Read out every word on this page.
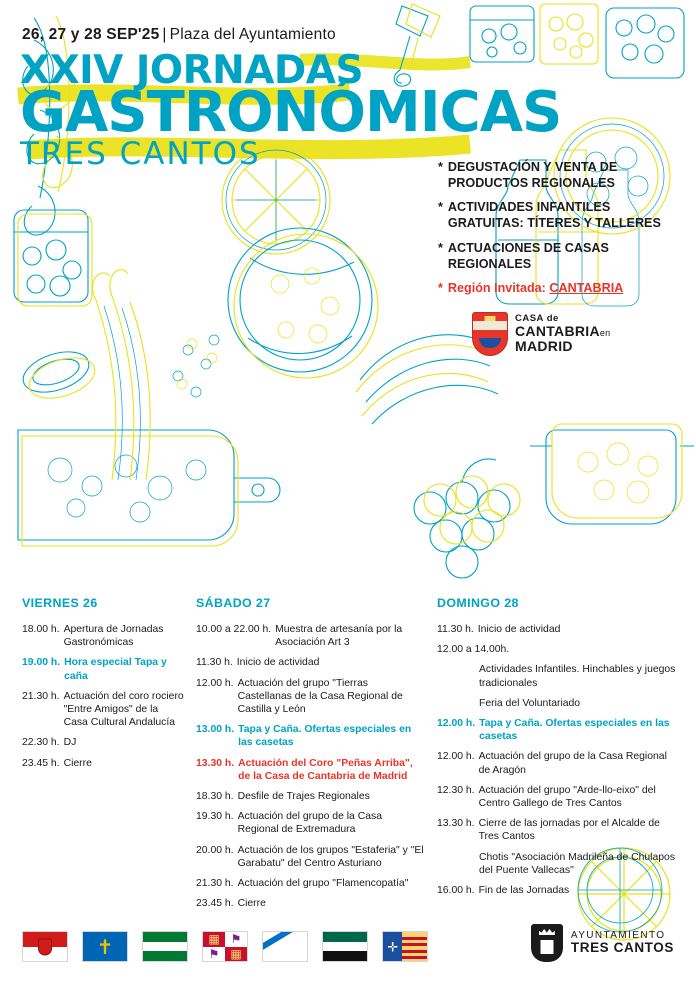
26, 27 y 28 SEP'25 | Plaza del Ayuntamiento
XXIV JORNADAS
GASTRONÓMICAS
TRES CANTOS	* DEGUSTACIÓN Y VENTA DE PRODUCTOS REGIONALES
* ACTIVIDADES INFANTILES GRATUITAS: TÍTERES Y TALLERES
* ACTUACIONES DE CASAS REGIONALES
* Región Invitada: CANTABRIA
CASA de
CANTABRIAen
MADRID
VIERNES 26
18.00 h. Apertura de Jornadas Gastronómicas
19.00 h. Hora especial Tapa y caña
21.30 h. Actuación del coro rociero "Entre Amigos" de la Casa Cultural Andalucía
22.30 h. DJ
23.45 h. Cierre
SÁBADO 27
10.00 a 22.00 h. Muestra de artesanía por la Asociación Art 3
11.30 h. Inicio de actividad
12.00 h. Actuación del grupo "Tierras Castellanas de la Casa Regional de Castilla y León
13.00 h. Tapa y Caña. Ofertas especiales en las casetas
13.30 h. Actuación del Coro "Peñas Arriba", de la Casa de Cantabria de Madrid
18.30 h. Desfile de Trajes Regionales
19.30 h. Actuación del grupo de la Casa Regional de Extremadura
20.00 h. Actuación de los grupos "Estaferia" y "El Garabatu" del Centro Asturiano
21.30 h. Actuación del grupo "Flamencopatía"
23.45 h. Cierre
DOMINGO 28
11.30 h. Inicio de actividad
12.00 a 14.00h.
Actividades Infantiles. Hinchables y juegos tradicionales
Feria del Voluntariado
12.00 h. Tapa y Caña. Ofertas especiales en las casetas
12.00 h. Actuación del grupo de la Casa Regional de Aragón
12.30 h. Actuación del grupo "Arde-llo-eixo" del Centro Gallego de Tres Cantos
13.30 h. Cierre de las jornadas por el Alcalde de Tres Cantos
Chotis "Asociación Madrileña de Chulapos del Puente Vallecas"
16.00 h. Fin de las Jornadas
✝	▦ ⚑
⚑ ▦	✛
AYUNTAMIENTO
TRES CANTOS
